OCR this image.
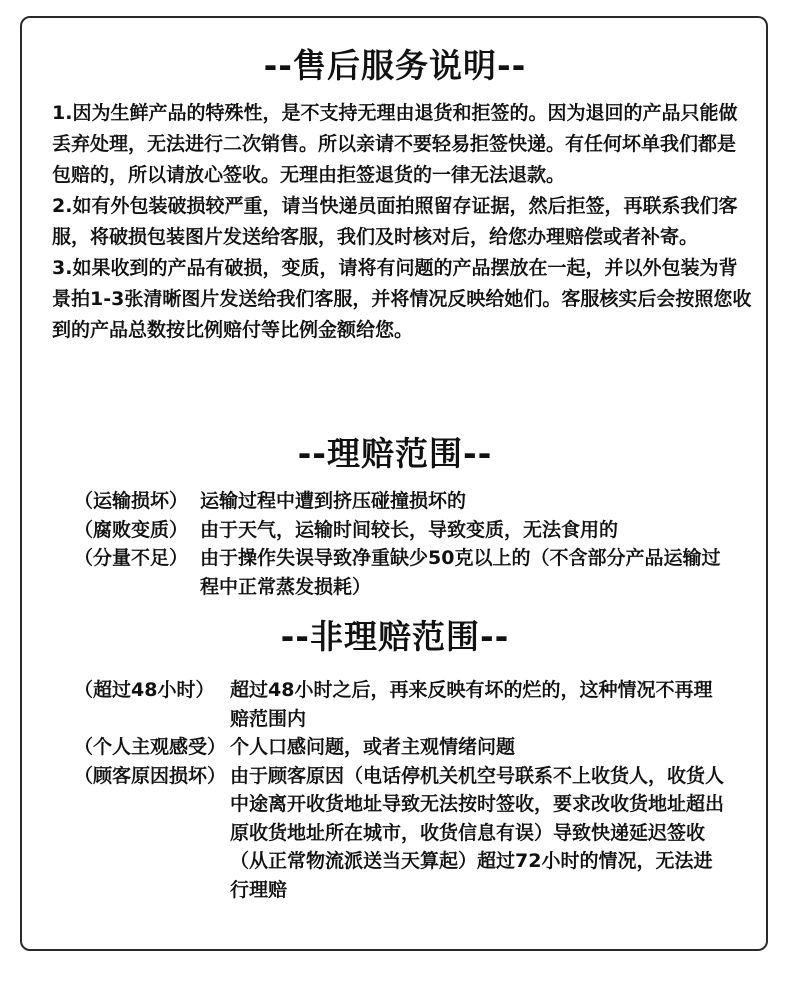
--售后服务说明--

1.因为生鲜产品的特殊性，是不支持无理由退货和拒签的。因为退回的产品只能做丢弃处理，无法进行二次销售。所以亲请不要轻易拒签快递。有任何坏单我们都是包赔的，所以请放心签收。无理由拒签退货的一律无法退款。

2.如有外包装破损较严重，请当快递员面拍照留存证据，然后拒签，再联系我们客服，将破损包装图片发送给客服，我们及时核对后，给您办理赔偿或者补寄。

3.如果收到的产品有破损，变质，请将有问题的产品摆放在一起，并以外包装为背景拍1-3张清晰图片发送给我们客服，并将情况反映给她们。客服核实后会按照您收到的产品总数按比例赔付等比例金额给您。

--理赔范围--
（运输损坏） 运输过程中遭到挤压碰撞损坏的
（腐败变质） 由于天气，运输时间较长，导致变质，无法食用的
（分量不足） 由于操作失误导致净重缺少50克以上的（不含部分产品运输过程中正常蒸发损耗）
--非理赔范围--
（超过48小时） 超过48小时之后，再来反映有坏的烂的，这种情况不再理赔范围内
（个人主观感受） 个人口感问题，或者主观情绪问题
（顾客原因损坏） 由于顾客原因（电话停机关机空号联系不上收货人，收货人中途离开收货地址导致无法按时签收，要求改收货地址超出原收货地址所在城市，收货信息有误）导致快递延迟签收（从正常物流派送当天算起）超过72小时的情况，无法进行理赔
